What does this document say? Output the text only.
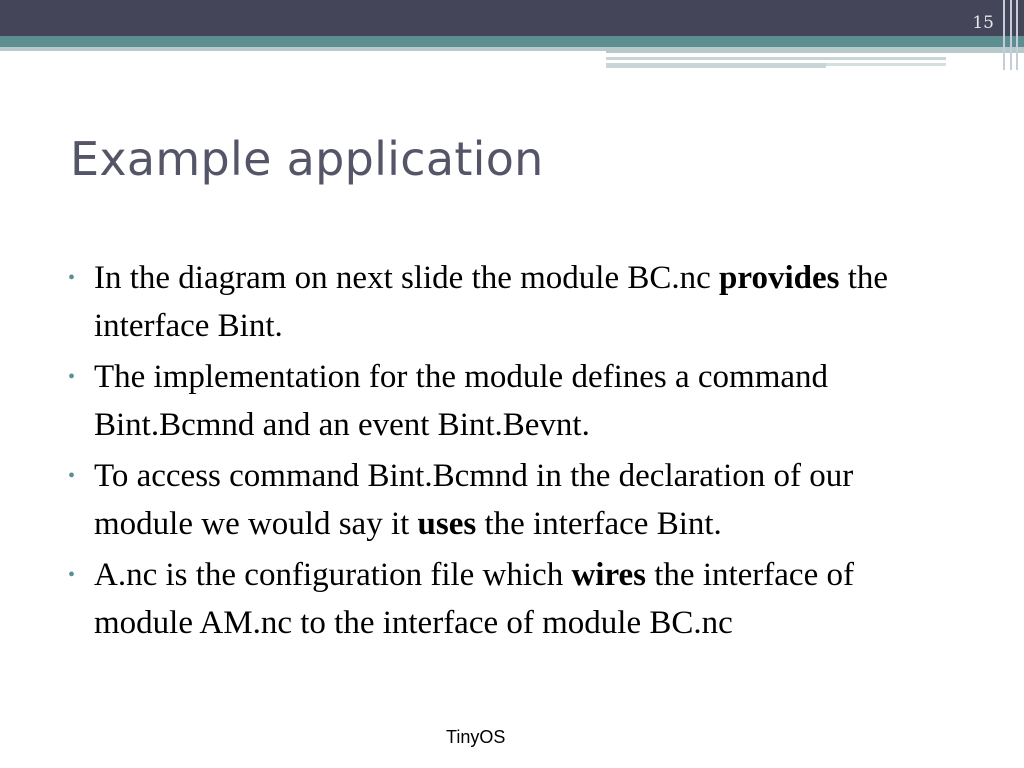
15
Example application
• In the diagram on next slide the module BC.nc provides the interface Bint.
• The implementation for the module defines a command Bint.Bcmnd and an event Bint.Bevnt.
• To access command Bint.Bcmnd in the declaration of our module we would say it uses the interface Bint.
• A.nc is the configuration file which wires the interface of module AM.nc to the interface of module BC.nc
TinyOS
